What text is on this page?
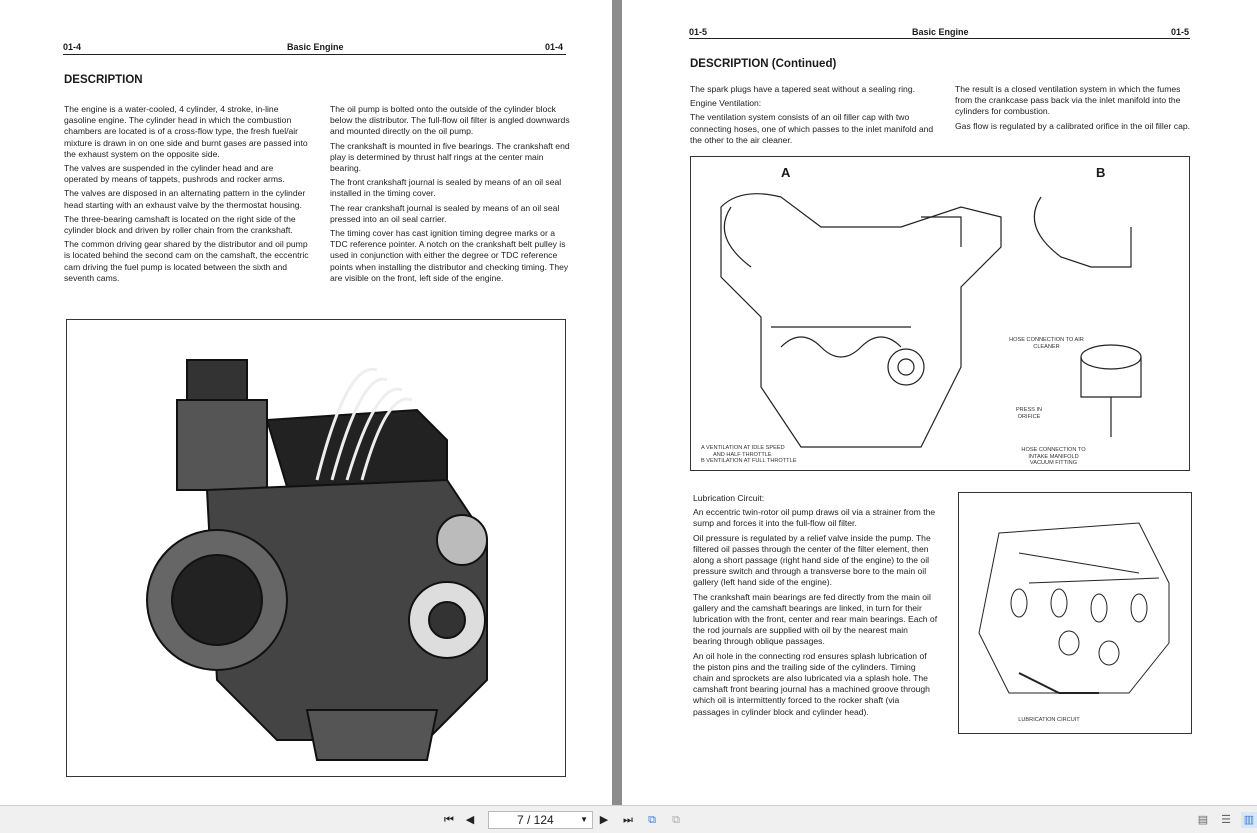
01-4	Basic Engine	01-4
DESCRIPTION

The engine is a water-cooled, 4 cylinder, 4 stroke, in-line gasoline engine. The cylinder head in which the combustion chambers are located is of a cross-flow type, the fresh fuel/air mixture is drawn in on one side and burnt gases are passed into the exhaust system on the opposite side.

The valves are suspended in the cylinder head and are operated by means of tappets, pushrods and rocker arms.

The valves are disposed in an alternating pattern in the cylinder head starting with an exhaust valve by the thermostat housing.

The three-bearing camshaft is located on the right side of the cylinder block and driven by roller chain from the crankshaft.

The common driving gear shared by the distributor and oil pump is located behind the second cam on the camshaft, the eccentric cam driving the fuel pump is located between the sixth and seventh cams.

The oil pump is bolted onto the outside of the cylinder block below the distributor. The full-flow oil filter is angled downwards and mounted directly on the oil pump.

The crankshaft is mounted in five bearings. The crankshaft end play is determined by thrust half rings at the center main bearing.

The front crankshaft journal is sealed by means of an oil seal installed in the timing cover.

The rear crankshaft journal is sealed by means of an oil seal pressed into an oil seal carrier.

The timing cover has cast ignition timing degree marks or a TDC reference pointer. A notch on the crankshaft belt pulley is used in conjunction with either the degree or TDC reference points when installing the distributor and checking timing. They are visible on the front, left side of the engine.

01-5	Basic Engine	01-5
DESCRIPTION (Continued)

The spark plugs have a tapered seat without a sealing ring.

Engine Ventilation:

The ventilation system consists of an oil filler cap with two connecting hoses, one of which passes to the inlet manifold and the other to the air cleaner.

The result is a closed ventilation system in which the fumes from the crankcase pass back via the inlet manifold into the cylinders for combustion.

Gas flow is regulated by a calibrated orifice in the oil filler cap.

A	B
A VENTILATION AT IDLE SPEED
AND HALF THROTTLE
B VENTILATION AT FULL THROTTLE
HOSE CONNECTION TO AIR CLEANER
PRESS IN ORIFICE
HOSE CONNECTION TO INTAKE MANIFOLD VACUUM FITTING

Lubrication Circuit:

An eccentric twin-rotor oil pump draws oil via a strainer from the sump and forces it into the full-flow oil filter.

Oil pressure is regulated by a relief valve inside the pump. The filtered oil passes through the center of the filter element, then along a short passage (right hand side of the engine) to the oil pressure switch and through a transverse bore to the main oil gallery (left hand side of the engine).

The crankshaft main bearings are fed directly from the main oil gallery and the camshaft bearings are linked, in turn for their lubrication with the front, center and rear main bearings. Each of the rod journals are supplied with oil by the nearest main bearing through oblique passages.

An oil hole in the connecting rod ensures splash lubrication of the piston pins and the trailing side of the cylinders. Timing chain and sprockets are also lubricated via a splash hole. The camshaft front bearing journal has a machined groove through which oil is intermittently forced to the rocker shaft (via passages in cylinder block and cylinder head).

LUBRICATION CIRCUIT
⏮	◀	7 / 124	▼	▶	⏭	⧉	⧉	▤ ☰ ▥
